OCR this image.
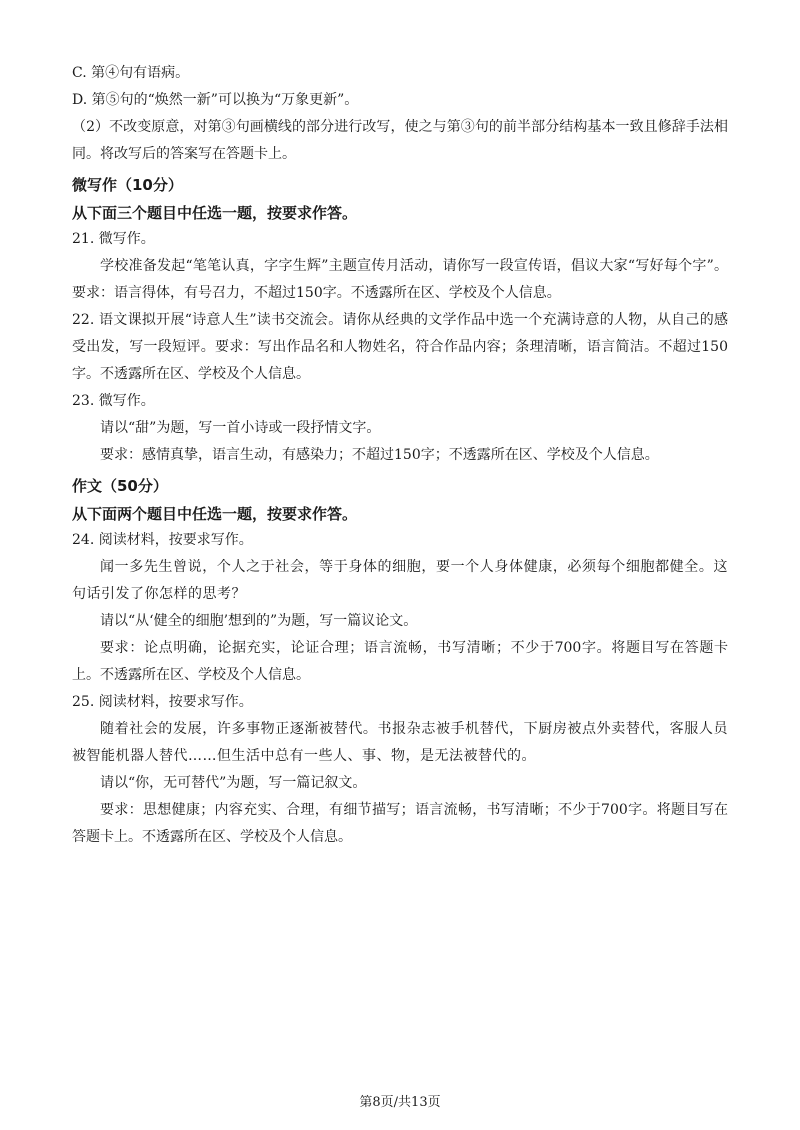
C. 第④句有语病。

D. 第⑤句的“焕然一新”可以换为“万象更新”。

（2）不改变原意，对第③句画横线的部分进行改写，使之与第③句的前半部分结构基本一致且修辞手法相同。将改写后的答案写在答题卡上。

微写作（10分）

从下面三个题目中任选一题，按要求作答。

21. 微写作。

学校准备发起“笔笔认真，字字生辉”主题宣传月活动，请你写一段宣传语，倡议大家“写好每个字”。要求：语言得体，有号召力，不超过150字。不透露所在区、学校及个人信息。

22. 语文课拟开展“诗意人生”读书交流会。请你从经典的文学作品中选一个充满诗意的人物，从自己的感受出发，写一段短评。要求：写出作品名和人物姓名，符合作品内容；条理清晰，语言简洁。不超过150字。不透露所在区、学校及个人信息。

23. 微写作。

请以“甜”为题，写一首小诗或一段抒情文字。

要求：感情真挚，语言生动，有感染力；不超过150字；不透露所在区、学校及个人信息。

作文（50分）

从下面两个题目中任选一题，按要求作答。

24. 阅读材料，按要求写作。

闻一多先生曾说，个人之于社会，等于身体的细胞，要一个人身体健康，必须每个细胞都健全。这句话引发了你怎样的思考？

请以“从‘健全的细胞’想到的”为题，写一篇议论文。

要求：论点明确，论据充实，论证合理；语言流畅，书写清晰；不少于700字。将题目写在答题卡上。不透露所在区、学校及个人信息。

25. 阅读材料，按要求写作。

随着社会的发展，许多事物正逐渐被替代。书报杂志被手机替代，下厨房被点外卖替代，客服人员被智能机器人替代……但生活中总有一些人、事、物，是无法被替代的。

请以“你，无可替代”为题，写一篇记叙文。

要求：思想健康；内容充实、合理，有细节描写；语言流畅，书写清晰；不少于700字。将题目写在答题卡上。不透露所在区、学校及个人信息。

第8页/共13页
